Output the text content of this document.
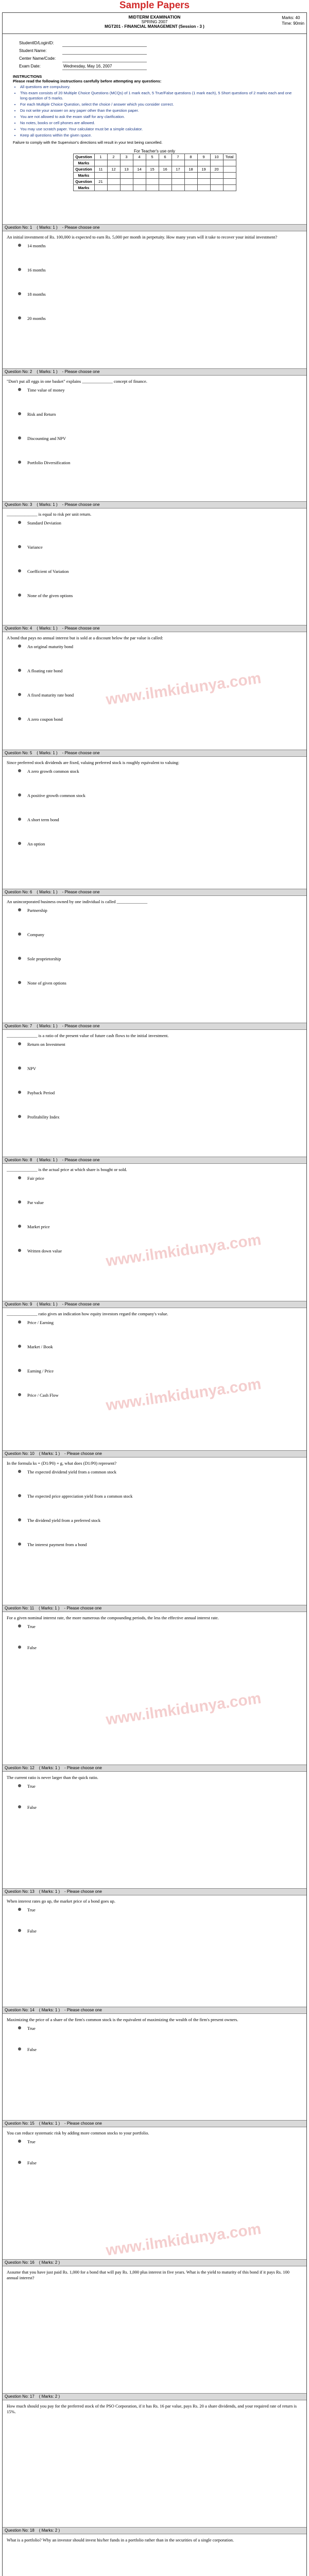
Sample Papers
MIDTERM EXAMINATION
SPRING 2007
MGT201 - FINANCIAL MANAGEMENT (Session - 3 )
Marks: 40
Time: 90min
StudentID/LoginID:	
Student Name:	
Center Name/Code:	
Exam Date:	Wednesday, May 16, 2007
INSTRUCTIONS
Please read the following instructions carefully before attempting any questions:
• All questions are compulsory.
• This exam consists of 20 Multiple Choice Questions (MCQs) of 1 mark each, 5 True/False questions (1 mark each), 5 Short questions of 2 marks each and one long question of 5 marks.
• For each Multiple Choice Question, select the choice / answer which you consider correct.
• Do not write your answer on any paper other than the question paper.
• You are not allowed to ask the exam staff for any clarification.
• No notes, books or cell phones are allowed.
• You may use scratch paper. Your calculator must be a simple calculator.
• Keep all questions within the given space.

Failure to comply with the Supervisor's directions will result in your test being cancelled.

For Teacher's use only
Question	1	2	3	4	5	6	7	8	9	10	Total
Marks											
Question	11	12	13	14	15	16	17	18	19	20	
Marks											
Question	21										
Marks											
Question No: 1    ( Marks: 1 )    - Please choose one
An initial investment of Rs. 100,000 is expected to earn Rs. 5,000 per month in perpetuity. How many years will it take to recover your initial investment?
14 months
16 months
18 months
20 months
Question No: 2    ( Marks: 1 )    - Please choose one
"Don't put all eggs in one basket" explains ______________ concept of finance.
Time value of money
Risk and Return
Discounting and NPV
Portfolio Diversification
Question No: 3    ( Marks: 1 )    - Please choose one
______________ is equal to risk per unit return.
Standard Deviation
Variance
Coefficient of Variation
None of the given options
Question No: 4    ( Marks: 1 )    - Please choose one
A bond that pays no annual interest but is sold at a discount below the par value is called:
An original maturity bond
A floating rate bond
A fixed maturity rate bond
A zero coupon bond
Question No: 5    ( Marks: 1 )    - Please choose one
Since preferred stock dividends are fixed, valuing preferred stock is roughly equivalent to valuing:
A zero growth common stock
A positive growth common stock
A short term bond
An option
Question No: 6    ( Marks: 1 )    - Please choose one
An unincorporated business owned by one individual is called ______________
Partnership
Company
Sole proprietorship
None of given options
Question No: 7    ( Marks: 1 )    - Please choose one
______________ is a ratio of the present value of future cash flows to the initial investment.
Return on Investment
NPV
Payback Period
Profitability Index
Question No: 8    ( Marks: 1 )    - Please choose one
______________ is the actual price at which share is bought or sold.
Fair price
Par value
Market price
Written down value
Question No: 9    ( Marks: 1 )    - Please choose one
______________ ratio gives an indication how equity investors regard the company's value.
Price / Earning
Market / Book
Earning / Price
Price / Cash Flow
Question No: 10    ( Marks: 1 )    - Please choose one
In the formula ks = (D1/P0) + g, what does (D1/P0) represent?
The expected dividend yield from a common stock
The expected price appreciation yield from a common stock
The dividend yield from a preferred stock
The interest payment from a bond
Question No: 11    ( Marks: 1 )    - Please choose one
For a given nominal interest rate, the more numerous the compounding periods, the less the effective annual interest rate.
True
False
Question No: 12    ( Marks: 1 )    - Please choose one
The current ratio is never larger than the quick ratio.
True
False
Question No: 13    ( Marks: 1 )    - Please choose one
When interest rates go up, the market price of a bond goes up.
True
False
Question No: 14    ( Marks: 1 )    - Please choose one
Maximizing the price of a share of the firm's common stock is the equivalent of maximizing the wealth of the firm's present owners.
True
False
Question No: 15    ( Marks: 1 )    - Please choose one
You can reduce systematic risk by adding more common stocks to your portfolio.
True
False
Question No: 16    ( Marks: 2 )
Assume that you have just paid Rs. 1,000 for a bond that will pay Rs. 1,000 plus interest in five years. What is the yield to maturity of this bond if it pays Rs. 100 annual interest?
Question No: 17    ( Marks: 2 )
How much should you pay for the preferred stock of the PSO Corporation, if it has Rs. 16 par value, pays Rs. 20 a share dividends, and your required rate of return is 15%.
Question No: 18    ( Marks: 2 )
What is a portfolio? Why an investor should invest his/her funds in a portfolio rather than in the securities of a single corporation.
www.ilmkidunya.com
www.ilmkidunya.com
www.ilmkidunya.com
www.ilmkidunya.com
www.ilmkidunya.com
